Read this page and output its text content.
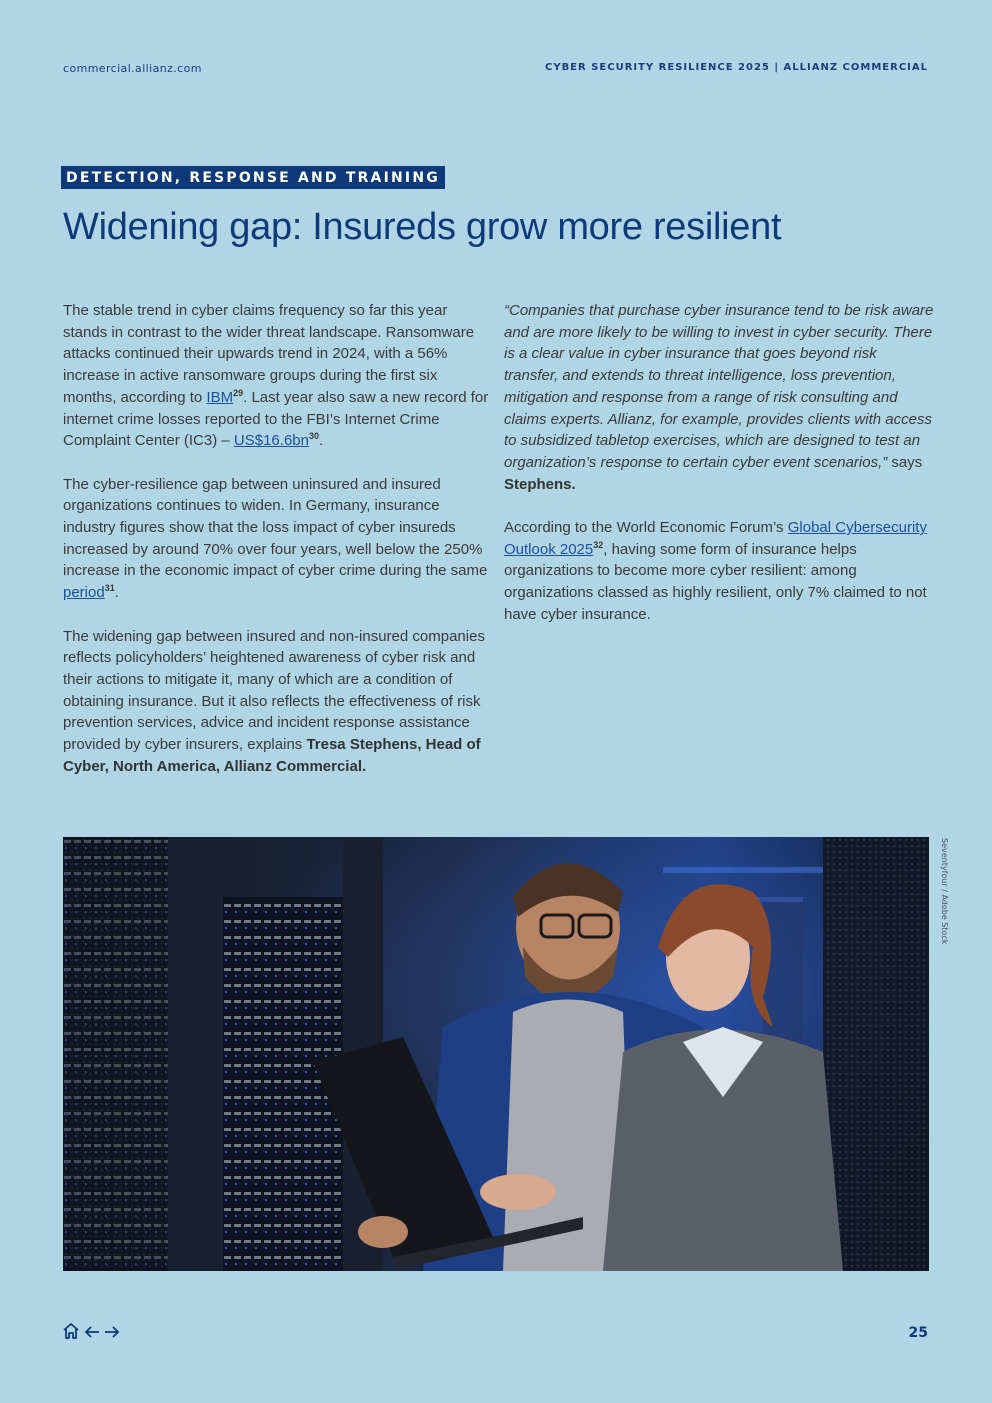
commercial.allianz.com	CYBER SECURITY RESILIENCE 2025 | ALLIANZ COMMERCIAL
DETECTION, RESPONSE AND TRAINING
Widening gap: Insureds grow more resilient

The stable trend in cyber claims frequency so far this year stands in contrast to the wider threat landscape. Ransomware attacks continued their upwards trend in 2024, with a 56% increase in active ransomware groups during the first six months, according to IBM$^{29}$. Last year also saw a new record for internet crime losses reported to the FBI’s Internet Crime Complaint Center $(IC3) - US\$16.6bn^{30}$.

The cyber-resilience gap between uninsured and insured organizations continues to widen. In Germany, insurance industry figures show that the loss impact of cyber insureds increased by around 70% over four years, well below the 250% increase in the economic impact of cyber crime during the same period$^{31}$.

The widening gap between insured and non-insured companies reflects policyholders’ heightened awareness of cyber risk and their actions to mitigate it, many of which are a condition of obtaining insurance. But it also reflects the effectiveness of risk prevention services, advice and incident response assistance provided by cyber insurers, explains Tresa Stephens, Head of Cyber, North America, Allianz Commercial.

“Companies that purchase cyber insurance tend to be risk aware and are more likely to be willing to invest in cyber security. There is a clear value in cyber insurance that goes beyond risk transfer, and extends to threat intelligence, loss prevention, mitigation and response from a range of risk consulting and claims experts. Allianz, for example, provides clients with access to subsidized tabletop exercises, which are designed to test an organization’s response to certain cyber event scenarios,” says Stephens.

According to the World Economic Forum’s Global Cybersecurity Outlook 2025$^{32}$, having some form of insurance helps organizations to become more cyber resilient: among organizations classed as highly resilient, only 7% claimed to not have cyber insurance.

Seventyfour / Adobe Stock
25
